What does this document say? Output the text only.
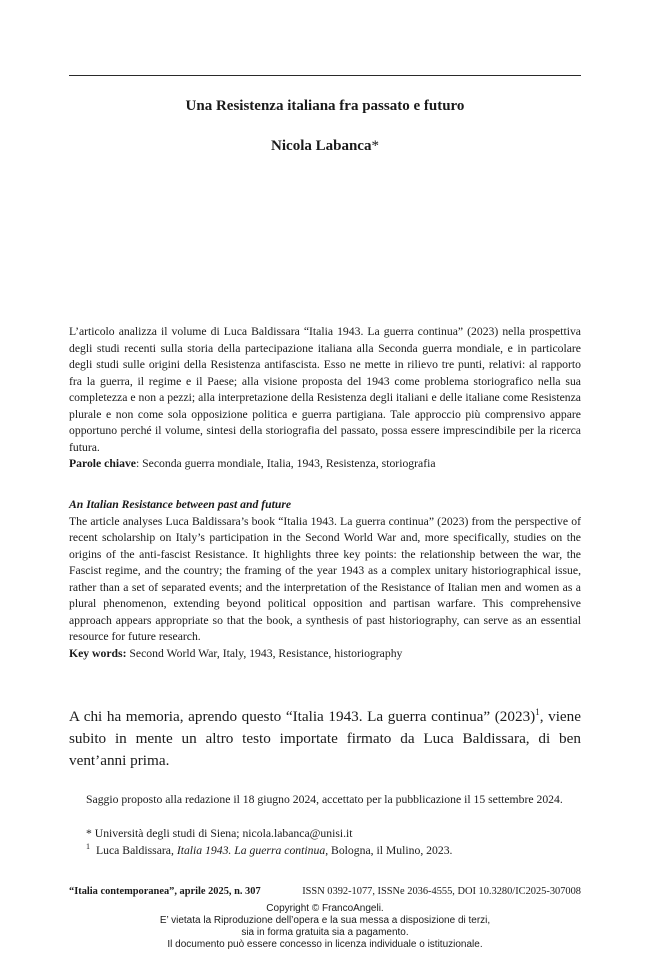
Una Resistenza italiana fra passato e futuro
Nicola Labanca*

L’articolo analizza il volume di Luca Baldissara “Italia 1943. La guerra continua” (2023) nella prospettiva degli studi recenti sulla storia della partecipazione italiana alla Seconda guerra mondiale, e in particolare degli studi sulle origini della Resistenza antifascista. Esso ne mette in rilievo tre punti, relativi: al rapporto fra la guerra, il regime e il Paese; alla visione proposta del 1943 come problema storiografico nella sua completezza e non a pezzi; alla interpretazione della Resistenza degli italiani e delle italiane come Resistenza plurale e non come sola opposizione politica e guerra partigiana. Tale approccio più comprensivo appare opportuno perché il volume, sintesi della storiografia del passato, possa essere imprescindibile per la ricerca futura.

Parole chiave: Seconda guerra mondiale, Italia, 1943, Resistenza, storiografia

An Italian Resistance between past and future

The article analyses Luca Baldissara’s book “Italia 1943. La guerra continua” (2023) from the perspective of recent scholarship on Italy’s participation in the Second World War and, more specifically, studies on the origins of the anti-fascist Resistance. It highlights three key points: the relationship between the war, the Fascist regime, and the country; the framing of the year 1943 as a complex unitary historiographical issue, rather than a set of separated events; and the interpretation of the Resistance of Italian men and women as a plural phenomenon, extending beyond political opposition and partisan warfare. This comprehensive approach appears appropriate so that the book, a synthesis of past historiography, can serve as an essential resource for future research.

Key words: Second World War, Italy, 1943, Resistance, historiography

A chi ha memoria, aprendo questo “Italia 1943. La guerra continua” $(2023)^1$, viene subito in mente un altro testo importate firmato da Luca Baldissara, di ben vent’anni prima.

Saggio proposto alla redazione il 18 giugno 2024, accettato per la pubblicazione il 15 settembre 2024.

* Università degli studi di Siena; nicola.labanca@unisi.it

1 Luca Baldissara, Italia 1943. La guerra continua, Bologna, il Mulino, 2023.

“Italia contemporanea”, aprile 2025, n. 307	ISSN 0392-1077, ISSNe 2036-4555, DOI 10.3280/IC2025-307008

Copyright © FrancoAngeli.

E’ vietata la Riproduzione dell’opera e la sua messa a disposizione di terzi,

sia in forma gratuita sia a pagamento.

Il documento può essere concesso in licenza individuale o istituzionale.
